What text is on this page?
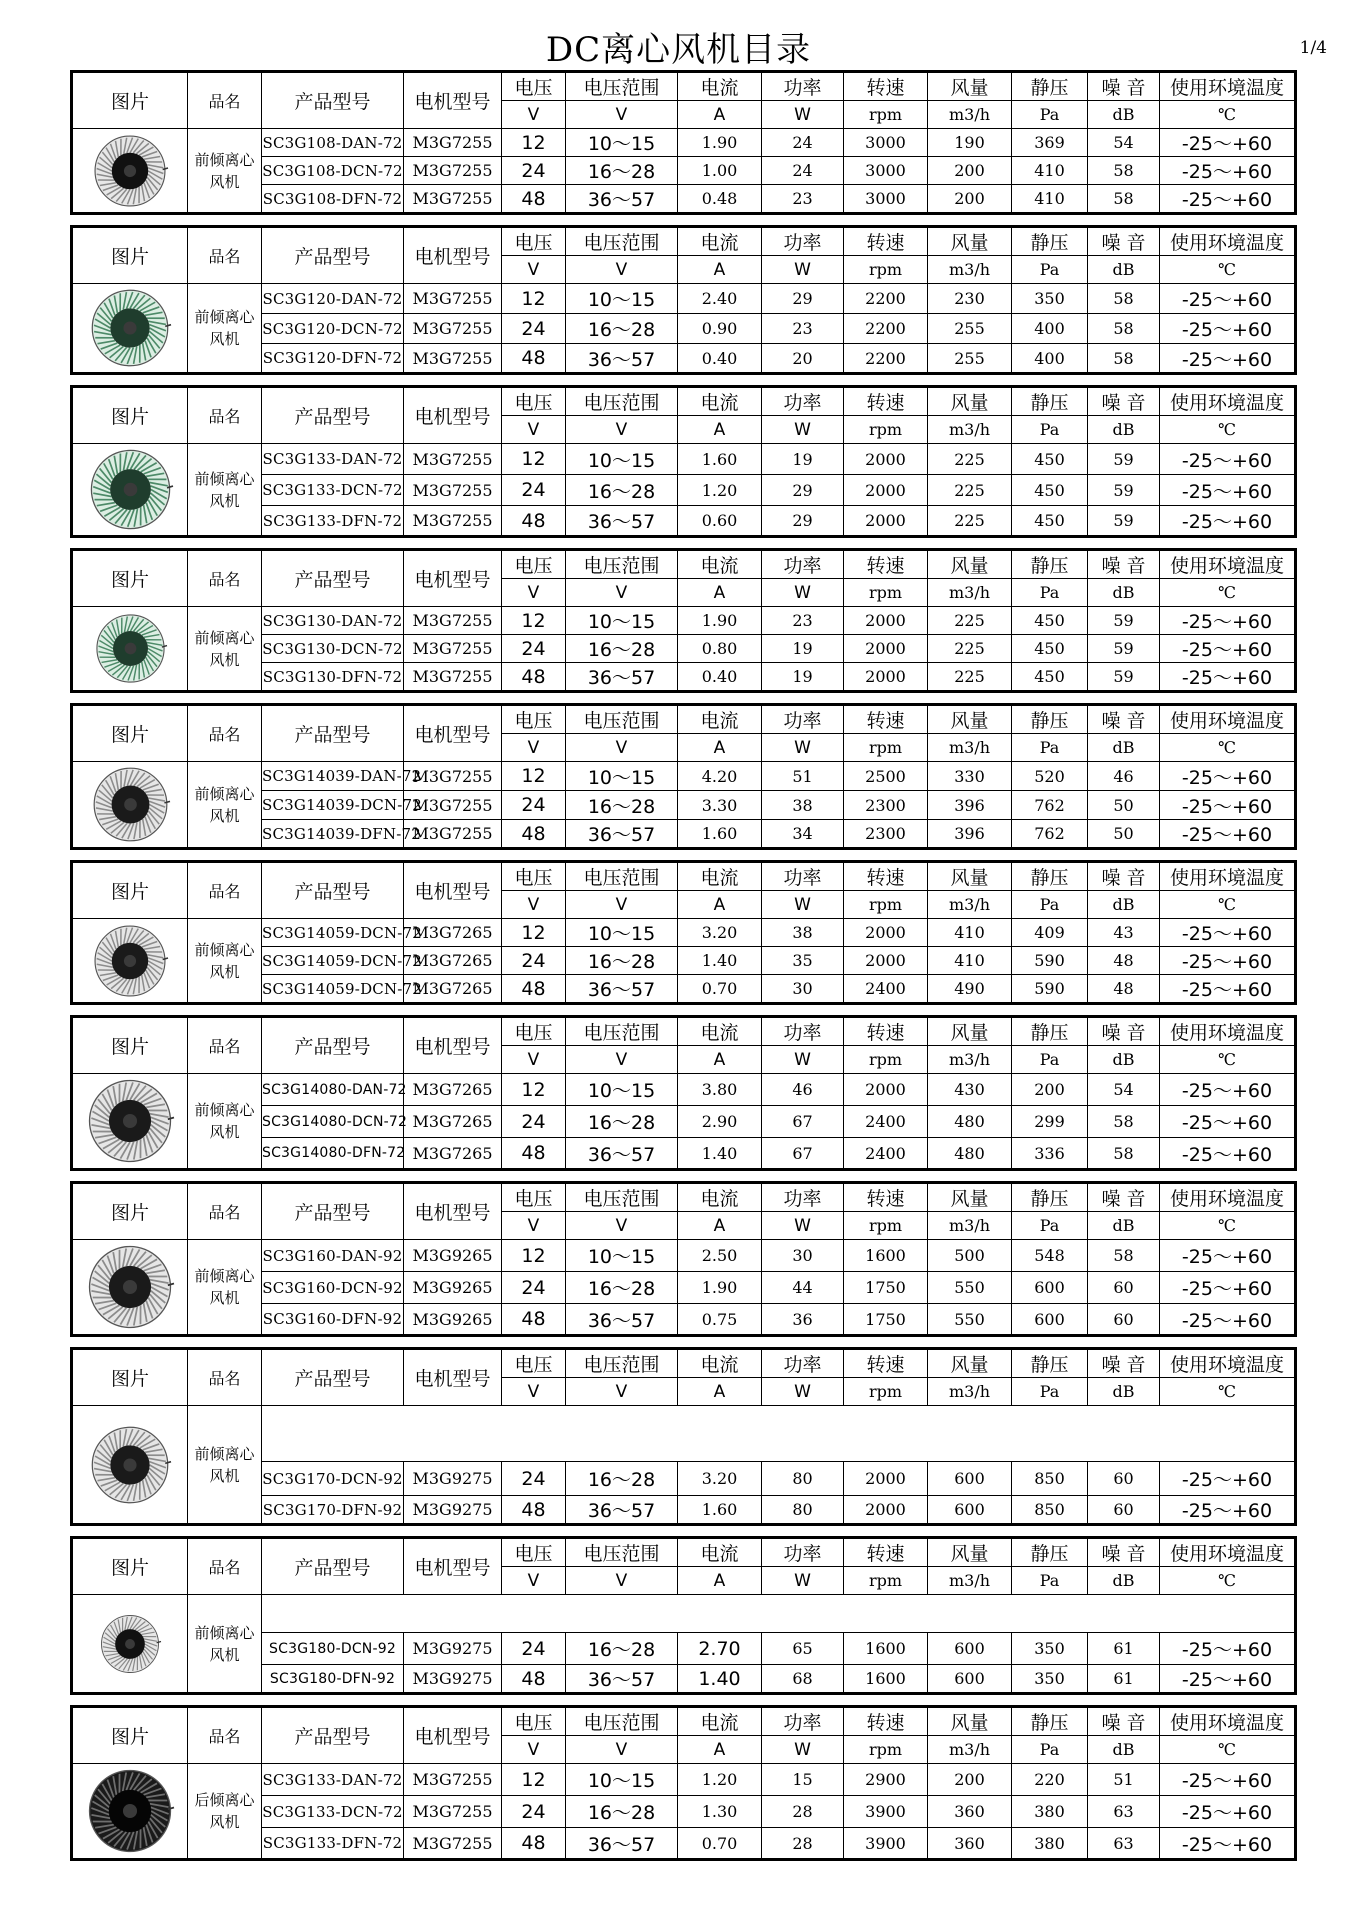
DC离心风机目录	1/4
图片	品名	产品型号	电机型号	电压	电压范围	电流	功率	转速	风量	静压	噪 音	使用环境温度
				V	V	A	W	rpm	m3/h	Pa	dB	℃

	前倾离心风机	SC3G108-DAN-72	M3G7255	12	10～15	1.90	24	3000	190	369	54	-25～+60
		SC3G108-DCN-72	M3G7255	24	16～28	1.00	24	3000	200	410	58	-25～+60
		SC3G108-DFN-72	M3G7255	48	36～57	0.48	23	3000	200	410	58	-25～+60
图片	品名	产品型号	电机型号	电压	电压范围	电流	功率	转速	风量	静压	噪 音	使用环境温度
				V	V	A	W	rpm	m3/h	Pa	dB	℃

	前倾离心风机	SC3G120-DAN-72	M3G7255	12	10～15	2.40	29	2200	230	350	58	-25～+60
		SC3G120-DCN-72	M3G7255	24	16～28	0.90	23	2200	255	400	58	-25～+60
		SC3G120-DFN-72	M3G7255	48	36～57	0.40	20	2200	255	400	58	-25～+60
图片	品名	产品型号	电机型号	电压	电压范围	电流	功率	转速	风量	静压	噪 音	使用环境温度
				V	V	A	W	rpm	m3/h	Pa	dB	℃

	前倾离心风机	SC3G133-DAN-72	M3G7255	12	10～15	1.60	19	2000	225	450	59	-25～+60
		SC3G133-DCN-72	M3G7255	24	16～28	1.20	29	2000	225	450	59	-25～+60
		SC3G133-DFN-72	M3G7255	48	36～57	0.60	29	2000	225	450	59	-25～+60
图片	品名	产品型号	电机型号	电压	电压范围	电流	功率	转速	风量	静压	噪 音	使用环境温度
				V	V	A	W	rpm	m3/h	Pa	dB	℃

	前倾离心风机	SC3G130-DAN-72	M3G7255	12	10～15	1.90	23	2000	225	450	59	-25～+60
		SC3G130-DCN-72	M3G7255	24	16～28	0.80	19	2000	225	450	59	-25～+60
		SC3G130-DFN-72	M3G7255	48	36～57	0.40	19	2000	225	450	59	-25～+60
图片	品名	产品型号	电机型号	电压	电压范围	电流	功率	转速	风量	静压	噪 音	使用环境温度
				V	V	A	W	rpm	m3/h	Pa	dB	℃

	前倾离心风机	SC3G14039-DAN-72	M3G7255	12	10～15	4.20	51	2500	330	520	46	-25～+60
		SC3G14039-DCN-72	M3G7255	24	16～28	3.30	38	2300	396	762	50	-25～+60
		SC3G14039-DFN-72	M3G7255	48	36～57	1.60	34	2300	396	762	50	-25～+60
图片	品名	产品型号	电机型号	电压	电压范围	电流	功率	转速	风量	静压	噪 音	使用环境温度
				V	V	A	W	rpm	m3/h	Pa	dB	℃

	前倾离心风机	SC3G14059-DCN-72	M3G7265	12	10～15	3.20	38	2000	410	409	43	-25～+60
		SC3G14059-DCN-72	M3G7265	24	16～28	1.40	35	2000	410	590	48	-25～+60
		SC3G14059-DCN-72	M3G7265	48	36～57	0.70	30	2400	490	590	48	-25～+60
图片	品名	产品型号	电机型号	电压	电压范围	电流	功率	转速	风量	静压	噪 音	使用环境温度
				V	V	A	W	rpm	m3/h	Pa	dB	℃

	前倾离心风机	SC3G14080-DAN-72	M3G7265	12	10～15	3.80	46	2000	430	200	54	-25～+60
		SC3G14080-DCN-72	M3G7265	24	16～28	2.90	67	2400	480	299	58	-25～+60
		SC3G14080-DFN-72	M3G7265	48	36～57	1.40	67	2400	480	336	58	-25～+60
图片	品名	产品型号	电机型号	电压	电压范围	电流	功率	转速	风量	静压	噪 音	使用环境温度
				V	V	A	W	rpm	m3/h	Pa	dB	℃

	前倾离心风机	SC3G160-DAN-92	M3G9265	12	10～15	2.50	30	1600	500	548	58	-25～+60
		SC3G160-DCN-92	M3G9265	24	16～28	1.90	44	1750	550	600	60	-25～+60
		SC3G160-DFN-92	M3G9265	48	36～57	0.75	36	1750	550	600	60	-25～+60
图片	品名	产品型号	电机型号	电压	电压范围	电流	功率	转速	风量	静压	噪 音	使用环境温度
				V	V	A	W	rpm	m3/h	Pa	dB	℃

	前倾离心风机											
		SC3G170-DCN-92	M3G9275	24	16～28	3.20	80	2000	600	850	60	-25～+60
		SC3G170-DFN-92	M3G9275	48	36～57	1.60	80	2000	600	850	60	-25～+60
图片	品名	产品型号	电机型号	电压	电压范围	电流	功率	转速	风量	静压	噪 音	使用环境温度
				V	V	A	W	rpm	m3/h	Pa	dB	℃

	前倾离心风机											
		SC3G180-DCN-92	M3G9275	24	16～28	2.70	65	1600	600	350	61	-25～+60
		SC3G180-DFN-92	M3G9275	48	36～57	1.40	68	1600	600	350	61	-25～+60
图片	品名	产品型号	电机型号	电压	电压范围	电流	功率	转速	风量	静压	噪 音	使用环境温度
				V	V	A	W	rpm	m3/h	Pa	dB	℃

	后倾离心风机	SC3G133-DAN-72	M3G7255	12	10～15	1.20	15	2900	200	220	51	-25～+60
		SC3G133-DCN-72	M3G7255	24	16～28	1.30	28	3900	360	380	63	-25～+60
		SC3G133-DFN-72	M3G7255	48	36～57	0.70	28	3900	360	380	63	-25～+60
